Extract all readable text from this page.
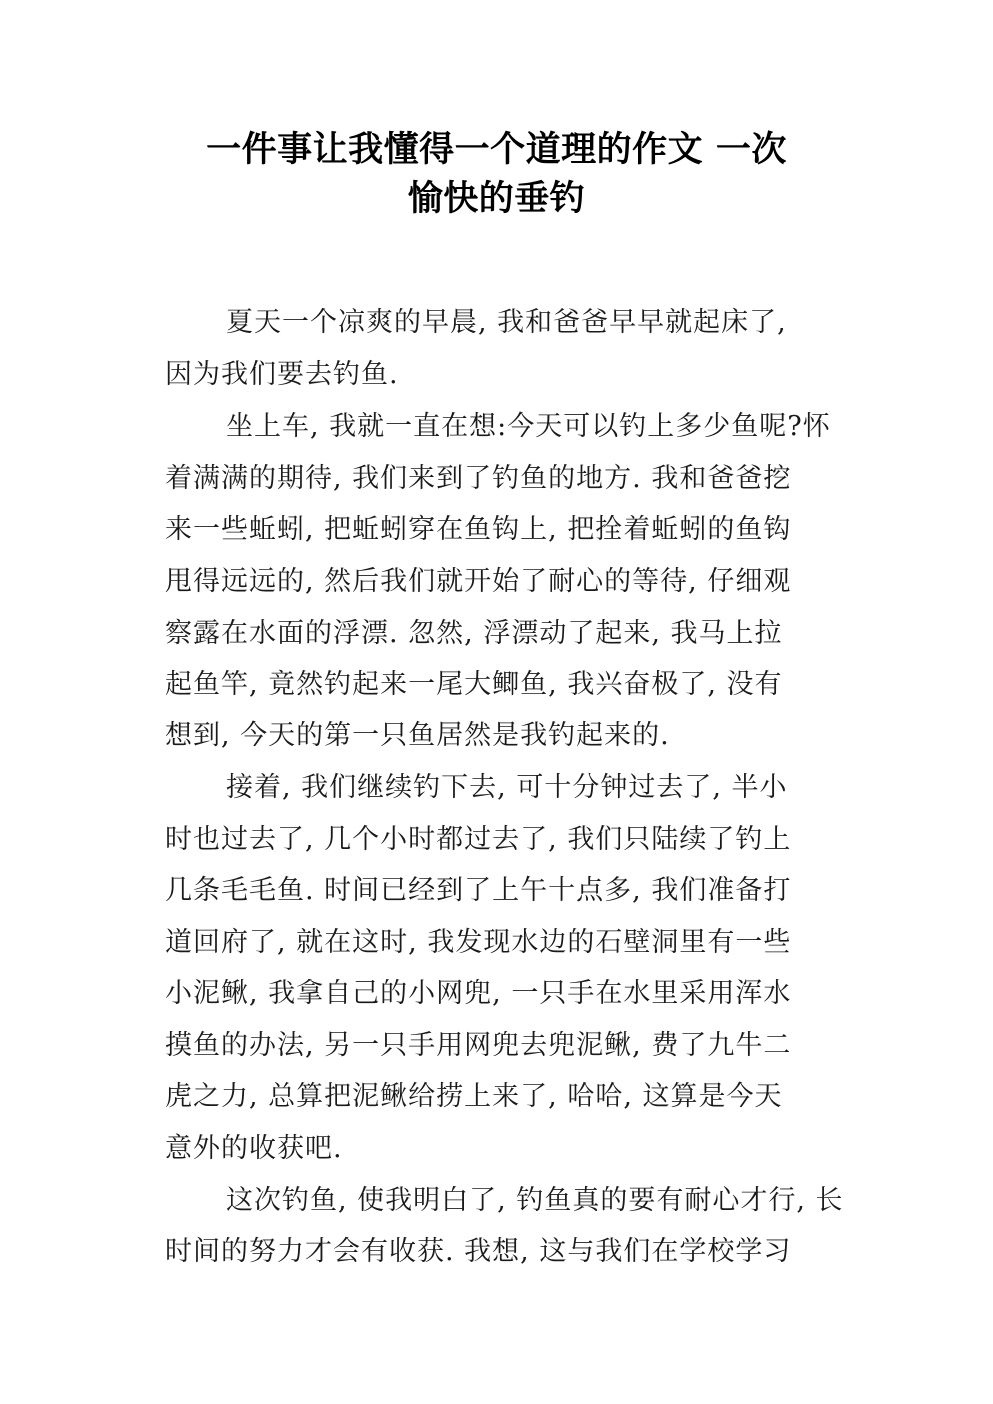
一件事让我懂得一个道理的作文 一次
愉快的垂钓
夏天一个凉爽的早晨, 我和爸爸早早就起床了,
因为我们要去钓鱼.
坐上车, 我就一直在想:今天可以钓上多少鱼呢?怀
着满满的期待, 我们来到了钓鱼的地方. 我和爸爸挖
来一些蚯蚓, 把蚯蚓穿在鱼钩上, 把拴着蚯蚓的鱼钩
甩得远远的, 然后我们就开始了耐心的等待, 仔细观
察露在水面的浮漂. 忽然, 浮漂动了起来, 我马上拉
起鱼竿, 竟然钓起来一尾大鲫鱼, 我兴奋极了, 没有
想到, 今天的第一只鱼居然是我钓起来的.
接着, 我们继续钓下去, 可十分钟过去了, 半小
时也过去了, 几个小时都过去了, 我们只陆续了钓上
几条毛毛鱼. 时间已经到了上午十点多, 我们准备打
道回府了, 就在这时, 我发现水边的石壁洞里有一些
小泥鳅, 我拿自己的小网兜, 一只手在水里采用浑水
摸鱼的办法, 另一只手用网兜去兜泥鳅, 费了九牛二
虎之力, 总算把泥鳅给捞上来了, 哈哈, 这算是今天
意外的收获吧.
这次钓鱼, 使我明白了, 钓鱼真的要有耐心才行, 长
时间的努力才会有收获. 我想, 这与我们在学校学习
